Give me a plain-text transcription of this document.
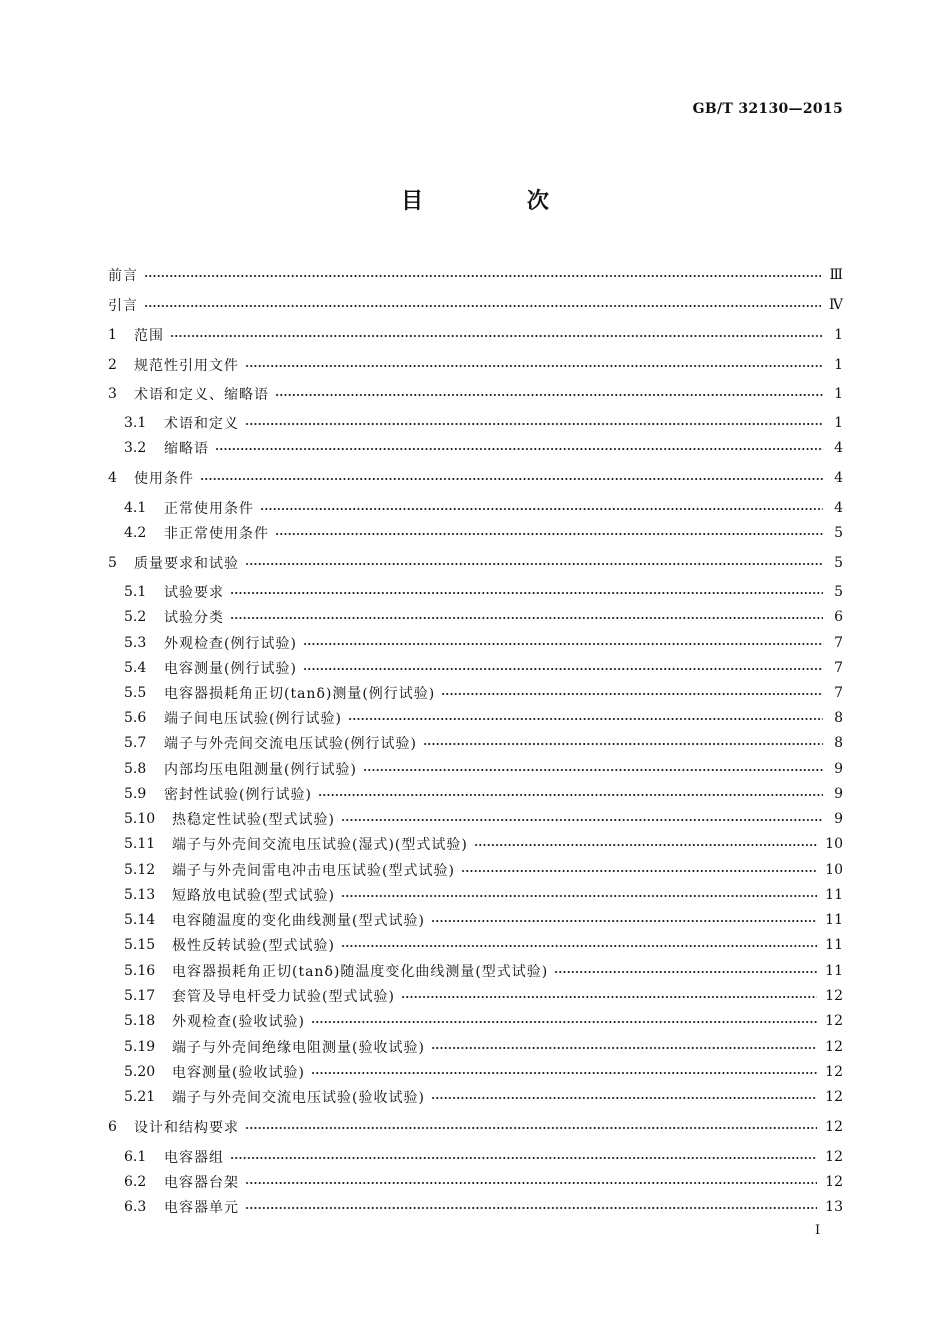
GB/T 32130—2015
目 次
前言	Ⅲ
引言	Ⅳ
1	范围	1
2	规范性引用文件	1
3	术语和定义、缩略语	1
3.1	术语和定义	1
3.2	缩略语	4
4	使用条件	4
4.1	正常使用条件	4
4.2	非正常使用条件	5
5	质量要求和试验	5
5.1	试验要求	5
5.2	试验分类	6
5.3	外观检查(例行试验)	7
5.4	电容测量(例行试验)	7
5.5	电容器损耗角正切(tanδ)测量(例行试验)	7
5.6	端子间电压试验(例行试验)	8
5.7	端子与外壳间交流电压试验(例行试验)	8
5.8	内部均压电阻测量(例行试验)	9
5.9	密封性试验(例行试验)	9
5.10	热稳定性试验(型式试验)	9
5.11	端子与外壳间交流电压试验(湿式)(型式试验)	10
5.12	端子与外壳间雷电冲击电压试验(型式试验)	10
5.13	短路放电试验(型式试验)	11
5.14	电容随温度的变化曲线测量(型式试验)	11
5.15	极性反转试验(型式试验)	11
5.16	电容器损耗角正切(tanδ)随温度变化曲线测量(型式试验)	11
5.17	套管及导电杆受力试验(型式试验)	12
5.18	外观检查(验收试验)	12
5.19	端子与外壳间绝缘电阻测量(验收试验)	12
5.20	电容测量(验收试验)	12
5.21	端子与外壳间交流电压试验(验收试验)	12
6	设计和结构要求	12
6.1	电容器组	12
6.2	电容器台架	12
6.3	电容器单元	13
I
